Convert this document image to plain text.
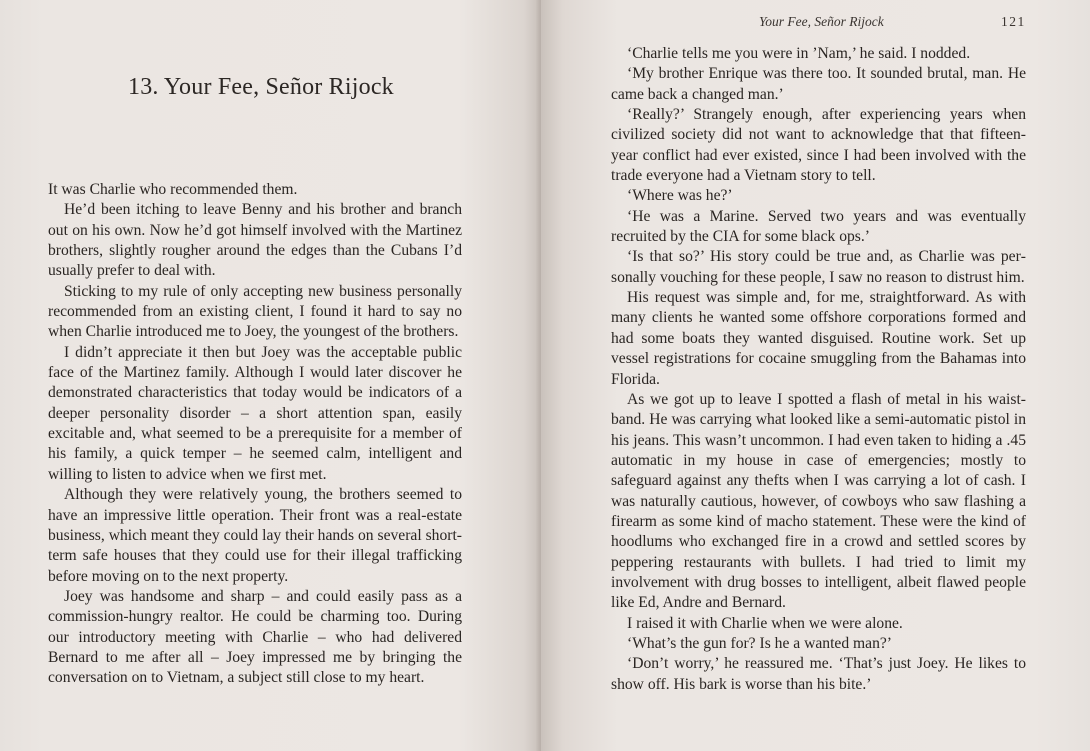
13. Your Fee, Señor Rijock

It was Charlie who recommended them.

He’d been itching to leave Benny and his brother and branch out on his own. Now he’d got himself involved with the Martinez brothers, slightly rougher around the edges than the Cubans I’d usually prefer to deal with.

Sticking to my rule of only accepting new business personally recommended from an existing client, I found it hard to say no when Charlie introduced me to Joey, the youngest of the brothers.

I didn’t appreciate it then but Joey was the acceptable public face of the Martinez family. Although I would later discover he demonstrated characteristics that today would be indicators of a deeper personality disorder – a short attention span, easily excitable and, what seemed to be a prerequisite for a member of his family, a quick temper – he seemed calm, intelligent and willing to listen to advice when we first met.

Although they were relatively young, the brothers seemed to have an impressive little operation. Their front was a real-estate business, which meant they could lay their hands on several short-term safe houses that they could use for their illegal trafficking before moving on to the next property.

Joey was handsome and sharp – and could easily pass as a commission-hungry realtor. He could be charming too. During our introductory meeting with Charlie – who had delivered Bernard to me after all – Joey impressed me by bringing the conversation on to Vietnam, a subject still close to my heart.

Your Fee, Señor Rijock	121

‘Charlie tells me you were in ’Nam,’ he said. I nodded.

‘My brother Enrique was there too. It sounded brutal, man. He came back a changed man.’

‘Really?’ Strangely enough, after experiencing years when civilized society did not want to acknowledge that that fifteen-year conflict had ever existed, since I had been involved with the trade everyone had a Vietnam story to tell.

‘Where was he?’

‘He was a Marine. Served two years and was eventually recruited by the CIA for some black ops.’

‘Is that so?’ His story could be true and, as Charlie was personally vouching for these people, I saw no reason to distrust him.

His request was simple and, for me, straightforward. As with many clients he wanted some offshore corporations formed and had some boats they wanted disguised. Routine work. Set up vessel registrations for cocaine smuggling from the Bahamas into Florida.

As we got up to leave I spotted a flash of metal in his waistband. He was carrying what looked like a semi-automatic pistol in his jeans. This wasn’t uncommon. I had even taken to hiding a .45 automatic in my house in case of emergencies; mostly to safeguard against any thefts when I was carrying a lot of cash. I was naturally cautious, however, of cowboys who saw flashing a firearm as some kind of macho statement. These were the kind of hoodlums who exchanged fire in a crowd and settled scores by peppering restaurants with bullets. I had tried to limit my involvement with drug bosses to intelligent, albeit flawed people like Ed, Andre and Bernard.

I raised it with Charlie when we were alone.

‘What’s the gun for? Is he a wanted man?’

‘Don’t worry,’ he reassured me. ‘That’s just Joey. He likes to show off. His bark is worse than his bite.’
